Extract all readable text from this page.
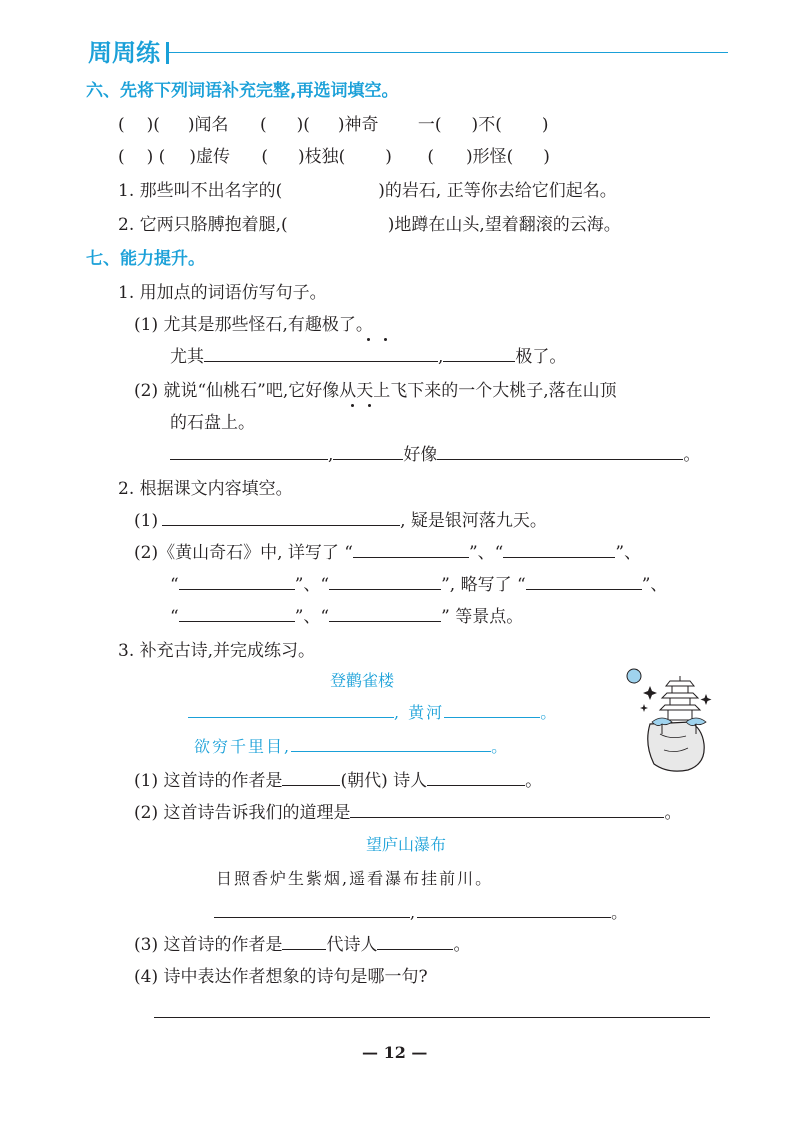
周周练
六、先将下列词语补充完整,再选词填空。
( )( )闻名 ( )( )神奇 一( )不( )
( ) ( )虚传 ( )枝独( ) ( )形怪( )
1. 那些叫不出名字的(	)的岩石, 正等你去给它们起名。
2. 它两只胳膊抱着腿,(	)地蹲在山头,望着翻滚的云海。
七、能力提升。
1. 用加点的词语仿写句子。
(1) 尤其是那些怪石,有趣极了。
尤其	,	极了。
(2) 就说“仙桃石”吧,它好像从天上飞下来的一个大桃子,落在山顶
的石盘上。
,	好像	。
2. 根据课文内容填空。
(1)	, 疑是银河落九天。
(2)《黄山奇石》中, 详写了 “	”、“	”、
“	”、“	”, 略写了 “	”、
“	”、“	” 等景点。
3. 补充古诗,并完成练习。
登鹳雀楼
, 黄河	。
欲穷千里目,	。
(1) 这首诗的作者是	(朝代) 诗人	。
(2) 这首诗告诉我们的道理是	。
望庐山瀑布
日照香炉生紫烟,遥看瀑布挂前川。
,	。
(3) 这首诗的作者是	代诗人	。
(4) 诗中表达作者想象的诗句是哪一句?
— 12 —
